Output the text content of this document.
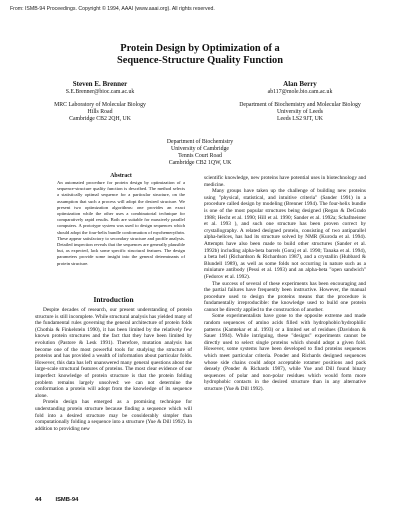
From: ISMB-94 Proceedings. Copyright © 1994, AAAI (www.aaai.org). All rights reserved.
Protein Design by Optimization of a
Sequence-Structure Quality Function
Steven E. Brenner
S.E.Brenner@bioc.cam.ac.uk
MRC Laboratory of Molecular Biology
Hills Road
Cambridge CB2 2QH, UK
Alan Berry
ab117@mole.bio.cam.ac.uk
Department of Biochemistry and Molecular Biology
University of Leeds
Leeds LS2 9JT, UK
Department of Biochemistry
University of Cambridge
Tennis Court Road
Cambridge CB2 1QW, UK
Abstract

An automated procedure for protein design by optimization of a sequence-structure quality function is described. The method selects a statistically optimal sequence for a particular structure, on the assumption that such a process will adopt the desired structure. We present two optimization algorithms: one provides an exact optimization while the other uses a combinatorial technique for comparatively rapid results. Both are suitable for massively parallel computers. A prototype system was used to design sequences which should adopt the four-helix bundle conformation of myohemerythrin. These appear satisfactory to secondary structure and profile analysis. Detailed inspection reveals that the sequences are generally plausible but, as expected, lack some specific structural features. The design parameters provide some insight into the general determinants of protein structure.

Introduction

Despite decades of research, our present understanding of protein structure is still incomplete. While structural analysis has yielded many of the fundamental rules governing the general architecture of protein folds (Chothia & Finkelstein 1990), it has been limited by the relatively few known protein structures and the fact that they have been limited by evolution (Pastore & Lesk 1991). Therefore, mutation analysis has become one of the most powerful tools for studying the structure of proteins and has provided a wealth of information about particular folds. However, this data has left unanswered many general questions about the large-scale structural features of proteins. The most clear evidence of our imperfect knowledge of protein structure is that the protein folding problem remains largely unsolved: we can not determine the conformation a protein will adopt from the knowledge of its sequence alone.

Protein design has emerged as a promising technique for understanding protein structure because finding a sequence which will fold into a desired structure may be considerably simpler than computationally folding a sequence into a structure (Yue & Dill 1992). In addition to providing new

scientific knowledge, new proteins have potential uses in biotechnology and medicine.

Many groups have taken up the challenge of building new proteins using "physical, statistical, and intuitive criteria" (Sander 1991) in a procedure called design by modeling (Brenner 1994). The four-helix bundle is one of the most popular structures being designed (Regan & DeGrado 1988; Hecht et al. 1990; Hill et al. 1990; Sander et al. 1992a; Schafmeister et al. 1993 ), and such one structure has been proven correct by crystallography. A related designed protein, consisting of two antiparallel alpha-helices, has had its structure solved by NMR (Kuroda et al. 1994). Attempts have also been made to build other structures (Sander et al. 1992b) including alpha-beta barrels (Goraj et al. 1990; Tanaka et al. 1994), a beta hell (Richardson & Richardson 1987), and a crystallin (Hubbard & Blundell 1989), as well as some folds not occurring in nature such as a miniature antibody (Pessi et al. 1993) and an alpha-beta "open sandwich" (Fedorov et al. 1992).

The success of several of these experiments has been encouraging and the partial failures have frequently been instructive. However, the manual procedure used to design the proteins means that the procedure is fundamentally irreproducible: the knowledge used to build one protein cannot be directly applied to the construction of another.

Some experimentalists have gone to the opposite extreme and made random sequences of amino acids filled with hydrophobic/hydrophilic patterns (Kamtekar et al. 1993) or a limited set of residues (Davidson & Sauer 1994). While intriguing, these "designs" experiments cannot be directly used to select single proteins which should adopt a given fold. However, some systems have been developed to find proteins sequences which meet particular criteria. Ponder and Richards designed sequences whose side chains could adopt acceptable rotamer positions and pack densely (Ponder & Richards 1987), while Yue and Dill found binary sequences of polar and non-polar residues which would form more hydrophobic contacts in the desired structure than in any alternative structure (Yue & Dill 1992).

44 ISMB-94
